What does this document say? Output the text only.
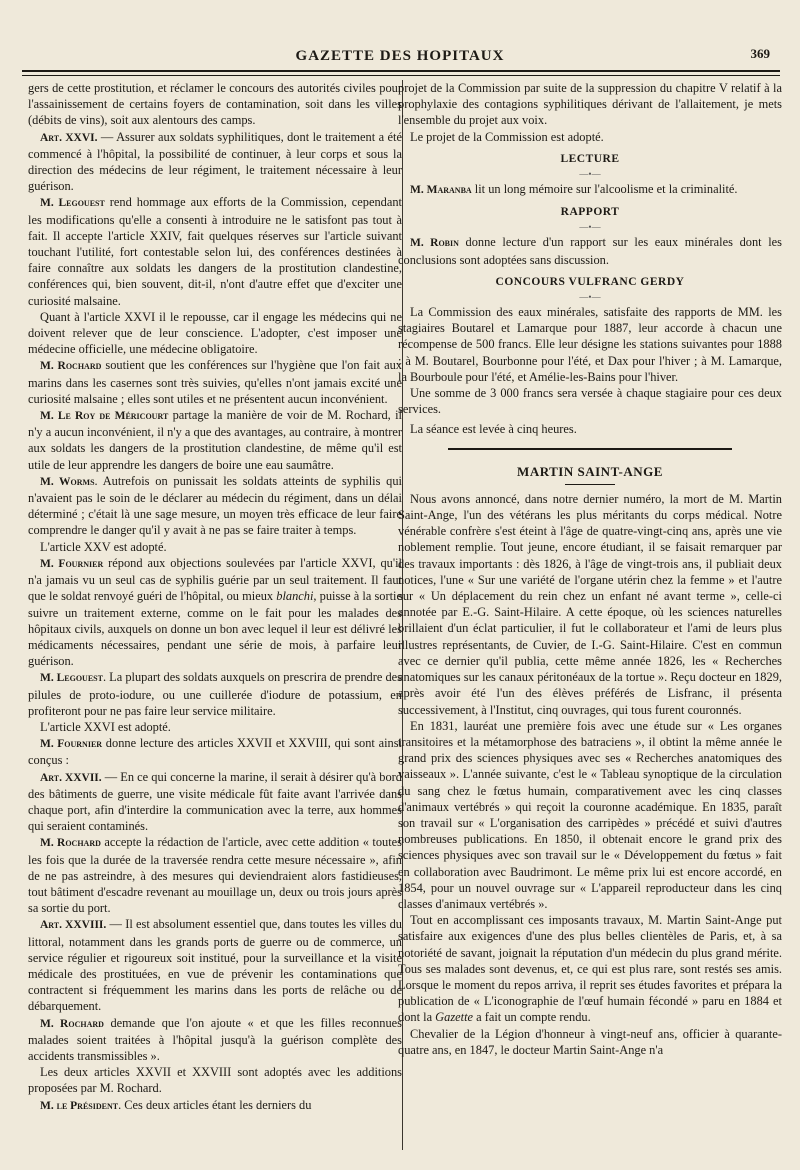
GAZETTE DES HOPITAUX	369

gers de cette prostitution, et réclamer le concours des autorités civiles pour l'assainissement de certains foyers de contamination, soit dans les villes (débits de vins), soit aux alentours des camps.

Art. XXVI. — Assurer aux soldats syphilitiques, dont le traitement a été commencé à l'hôpital, la possibilité de continuer, à leur corps et sous la direction des médecins de leur régiment, le traitement nécessaire à leur guérison.

M. Legouest rend hommage aux efforts de la Commission, cependant les modifications qu'elle a consenti à introduire ne le satisfont pas tout à fait. Il accepte l'article XXIV, fait quelques réserves sur l'article suivant touchant l'utilité, fort contestable selon lui, des conférences destinées à faire connaître aux soldats les dangers de la prostitution clandestine, conférences qui, bien souvent, dit-il, n'ont d'autre effet que d'exciter une curiosité malsaine.

Quant à l'article XXVI il le repousse, car il engage les médecins qui ne doivent relever que de leur conscience. L'adopter, c'est imposer une médecine officielle, une médecine obligatoire.

M. Rochard soutient que les conférences sur l'hygiène que l'on fait aux marins dans les casernes sont très suivies, qu'elles n'ont jamais excité une curiosité malsaine ; elles sont utiles et ne présentent aucun inconvénient.

M. Le Roy de Méricourt partage la manière de voir de M. Rochard, il n'y a aucun inconvénient, il n'y a que des avantages, au contraire, à montrer aux soldats les dangers de la prostitution clandestine, de même qu'il est utile de leur apprendre les dangers de boire une eau saumâtre.

M. Worms. Autrefois on punissait les soldats atteints de syphilis qui n'avaient pas le soin de le déclarer au médecin du régiment, dans un délai déterminé ; c'était là une sage mesure, un moyen très efficace de leur faire comprendre le danger qu'il y avait à ne pas se faire traiter à temps.

L'article XXV est adopté.

M. Fournier répond aux objections soulevées par l'article XXVI, qu'il n'a jamais vu un seul cas de syphilis guérie par un seul traitement. Il faut que le soldat renvoyé guéri de l'hôpital, ou mieux blanchi, puisse à la sortie suivre un traitement externe, comme on le fait pour les malades des hôpitaux civils, auxquels on donne un bon avec lequel il leur est délivré les médicaments nécessaires, pendant une série de mois, à parfaire leur guérison.

M. Legouest. La plupart des soldats auxquels on prescrira de prendre des pilules de proto-iodure, ou une cuillerée d'iodure de potassium, en profiteront pour ne pas faire leur service militaire.

L'article XXVI est adopté.

M. Fournier donne lecture des articles XXVII et XXVIII, qui sont ainsi conçus :

Art. XXVII. — En ce qui concerne la marine, il serait à désirer qu'à bord des bâtiments de guerre, une visite médicale fût faite avant l'arrivée dans chaque port, afin d'interdire la communication avec la terre, aux hommes qui seraient contaminés.

M. Rochard accepte la rédaction de l'article, avec cette addition « toutes les fois que la durée de la traversée rendra cette mesure nécessaire », afin de ne pas astreindre, à des mesures qui deviendraient alors fastidieuses, tout bâtiment d'escadre revenant au mouillage un, deux ou trois jours après sa sortie du port.

Art. XXVIII. — Il est absolument essentiel que, dans toutes les villes du littoral, notamment dans les grands ports de guerre ou de commerce, un service régulier et rigoureux soit institué, pour la surveillance et la visite médicale des prostituées, en vue de prévenir les contaminations que contractent si fréquemment les marins dans les ports de relâche ou de débarquement.

M. Rochard demande que l'on ajoute « et que les filles reconnues malades soient traitées à l'hôpital jusqu'à la guérison complète des accidents transmissibles ».

Les deux articles XXVII et XXVIII sont adoptés avec les additions proposées par M. Rochard.

M. le Président. Ces deux articles étant les derniers du

projet de la Commission par suite de la suppression du chapitre V relatif à la prophylaxie des contagions syphilitiques dérivant de l'allaitement, je mets l'ensemble du projet aux voix.

Le projet de la Commission est adopté.

LECTURE
—•—

M. Maranba lit un long mémoire sur l'alcoolisme et la criminalité.

RAPPORT
—•—

M. Robin donne lecture d'un rapport sur les eaux minérales dont les conclusions sont adoptées sans discussion.

CONCOURS VULFRANC GERDY
—•—

La Commission des eaux minérales, satisfaite des rapports de MM. les stagiaires Boutarel et Lamarque pour 1887, leur accorde à chacun une récompense de 500 francs. Elle leur désigne les stations suivantes pour 1888 : à M. Boutarel, Bourbonne pour l'été, et Dax pour l'hiver ; à M. Lamarque, la Bourboule pour l'été, et Amélie-les-Bains pour l'hiver.

Une somme de 3 000 francs sera versée à chaque stagiaire pour ces deux services.

La séance est levée à cinq heures.

MARTIN SAINT-ANGE

Nous avons annoncé, dans notre dernier numéro, la mort de M. Martin Saint-Ange, l'un des vétérans les plus méritants du corps médical. Notre vénérable confrère s'est éteint à l'âge de quatre-vingt-cinq ans, après une vie noblement remplie. Tout jeune, encore étudiant, il se faisait remarquer par des travaux importants : dès 1826, à l'âge de vingt-trois ans, il publiait deux notices, l'une « Sur une variété de l'organe utérin chez la femme » et l'autre sur « Un déplacement du rein chez un enfant né avant terme », celle-ci annotée par E.-G. Saint-Hilaire. A cette époque, où les sciences naturelles brillaient d'un éclat particulier, il fut le collaborateur et l'ami de leurs plus illustres représentants, de Cuvier, de I.-G. Saint-Hilaire. C'est en commun avec ce dernier qu'il publia, cette même année 1826, les « Recherches anatomiques sur les canaux péritonéaux de la tortue ». Reçu docteur en 1829, après avoir été l'un des élèves préférés de Lisfranc, il présenta successivement, à l'Institut, cinq ouvrages, qui tous furent couronnés.

En 1831, lauréat une première fois avec une étude sur « Les organes transitoires et la métamorphose des batraciens », il obtint la même année le grand prix des sciences physiques avec ses « Recherches anatomiques des vaisseaux ». L'année suivante, c'est le « Tableau synoptique de la circulation du sang chez le fœtus humain, comparativement avec les cinq classes d'animaux vertébrés » qui reçoit la couronne académique. En 1835, paraît son travail sur « L'organisation des carripèdes » précédé et suivi d'autres nombreuses publications. En 1850, il obtenait encore le grand prix des sciences physiques avec son travail sur le « Développement du fœtus » fait en collaboration avec Baudrimont. Le même prix lui est encore accordé, en 1854, pour un nouvel ouvrage sur « L'appareil reproducteur dans les cinq classes d'animaux vertébrés ».

Tout en accomplissant ces imposants travaux, M. Martin Saint-Ange put satisfaire aux exigences d'une des plus belles clientèles de Paris, et, à sa notoriété de savant, joignait la réputation d'un médecin du plus grand mérite. Tous ses malades sont devenus, et, ce qui est plus rare, sont restés ses amis. Lorsque le moment du repos arriva, il reprit ses études favorites et prépara la publication de « L'iconographie de l'œuf humain fécondé » paru en 1884 et dont la Gazette a fait un compte rendu.

Chevalier de la Légion d'honneur à vingt-neuf ans, officier à quarante-quatre ans, en 1847, le docteur Martin Saint-Ange n'a
